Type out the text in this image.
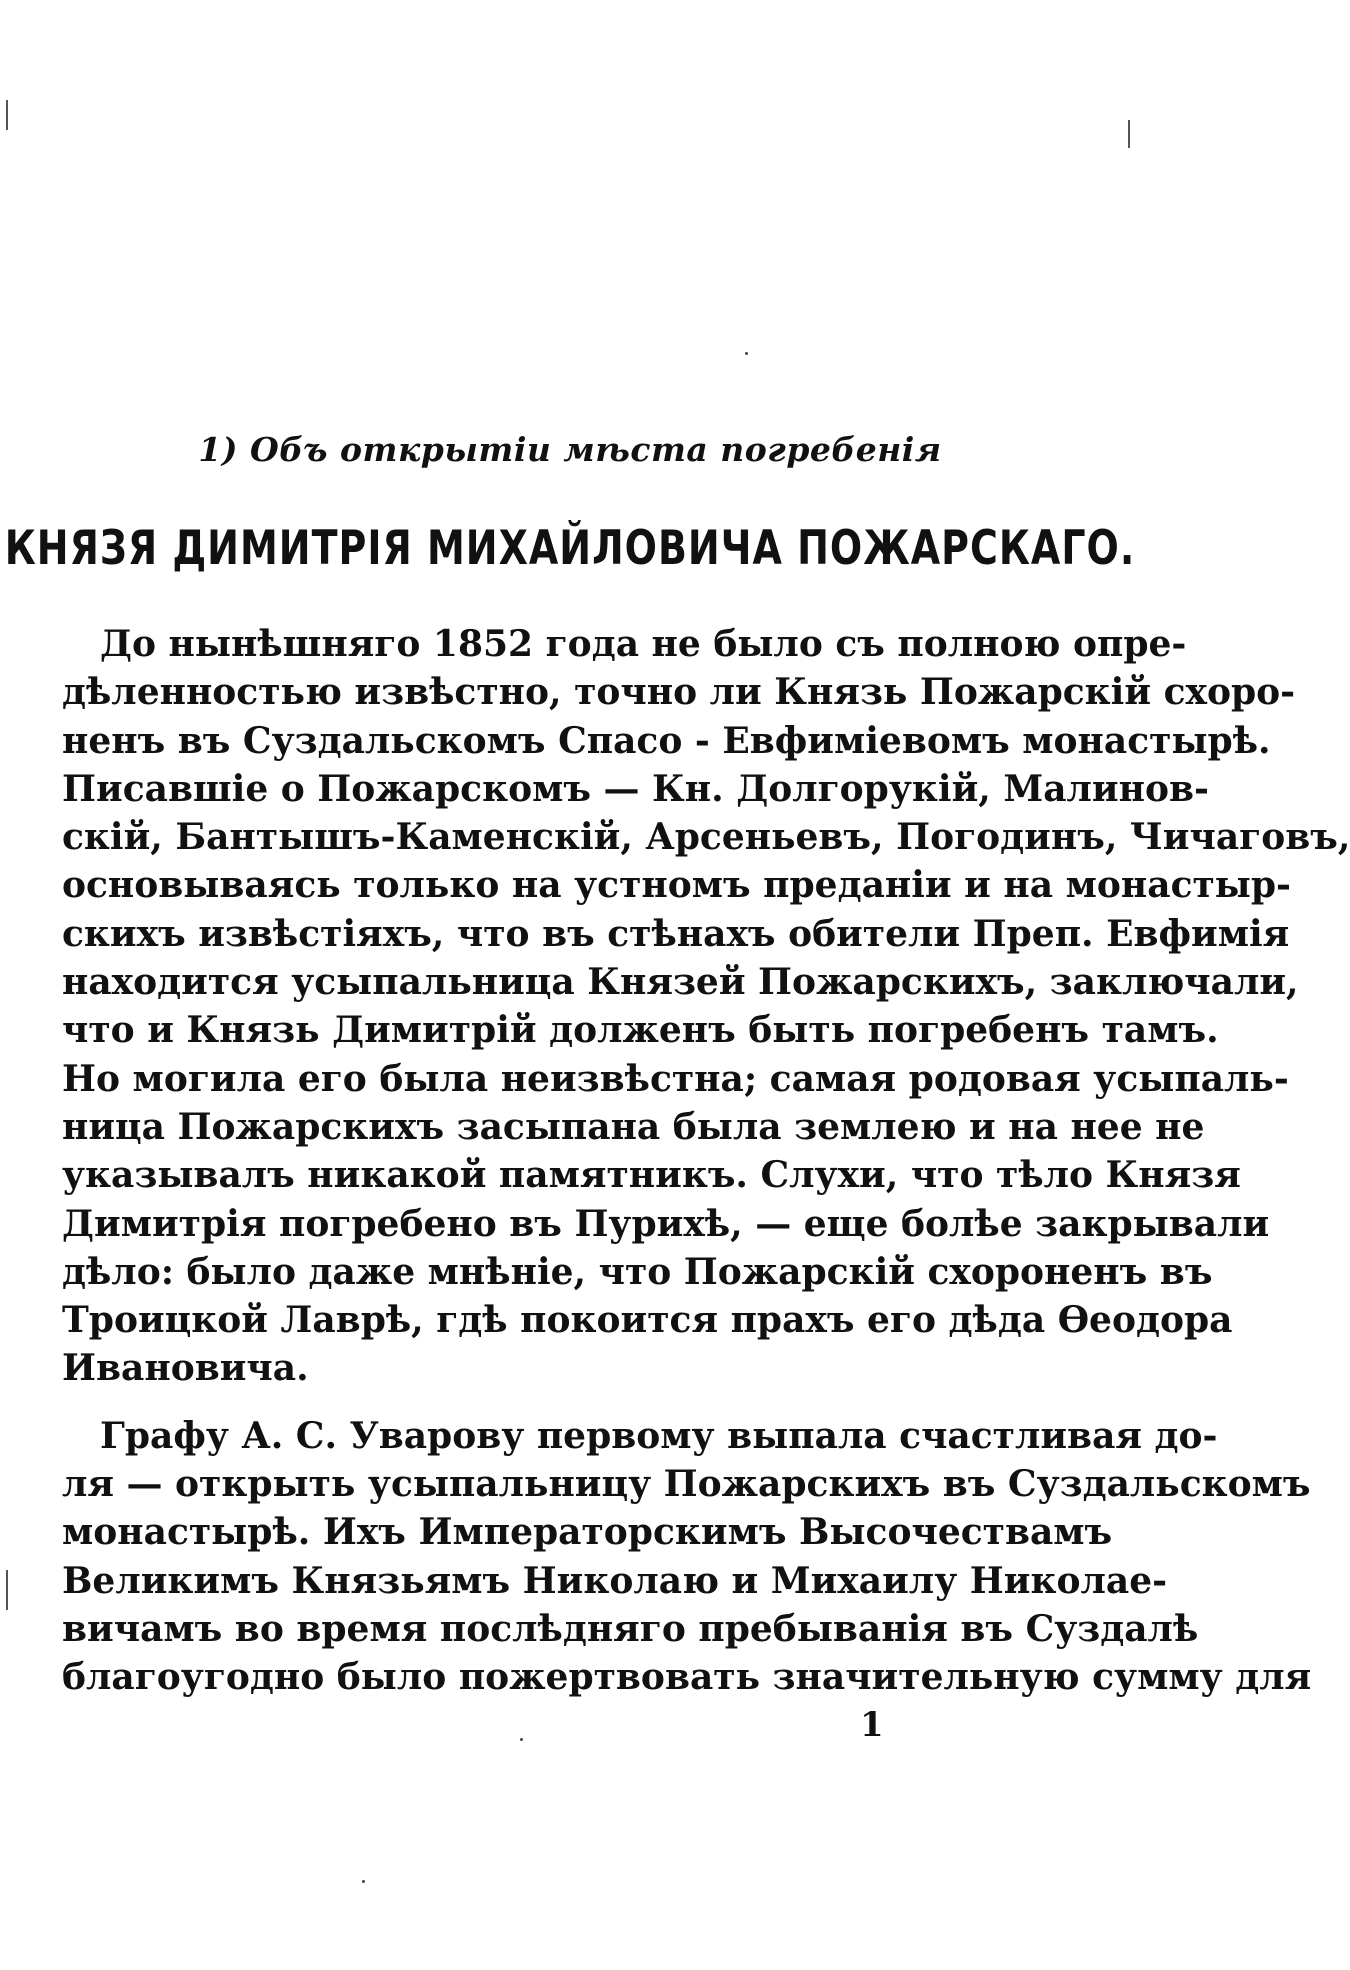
1) Объ открытіи мѣста погребенія
КНЯЗЯ ДИМИТРІЯ МИХАЙЛОВИЧА ПОЖАРСКАГО.
До нынѣшняго 1852 года не было съ полною опре-
дѣленностью извѣстно, точно ли Князь Пожарскій схоро-
ненъ въ Суздальскомъ Спасо - Евфиміевомъ монастырѣ.
Писавшіе о Пожарскомъ — Кн. Долгорукій, Малинов-
скій, Бантышъ-Каменскій, Арсеньевъ, Погодинъ, Чичаговъ,
основываясь только на устномъ преданіи и на монастыр-
скихъ извѣстіяхъ, что въ стѣнахъ обители Преп. Евфимія
находится усыпальница Князей Пожарскихъ, заключали,
что и Князь Димитрій долженъ быть погребенъ тамъ.
Но могила его была неизвѣстна; самая родовая усыпаль-
ница Пожарскихъ засыпана была землею и на нее не
указывалъ никакой памятникъ. Слухи, что тѣло Князя
Димитрія погребено въ Пурихѣ, — еще болѣе закрывали
дѣло: было даже мнѣніе, что Пожарскій схороненъ въ
Троицкой Лаврѣ, гдѣ покоится прахъ его дѣда Ѳеодора
Ивановича.
Графу А. С. Уварову первому выпала счастливая до-
ля — открыть усыпальницу Пожарскихъ въ Суздальскомъ
монастырѣ. Ихъ Императорскимъ Высочествамъ
Великимъ Князьямъ Николаю и Михаилу Николае-
вичамъ во время послѣдняго пребыванія въ Суздалѣ
благоугодно было пожертвовать значительную сумму для
1
